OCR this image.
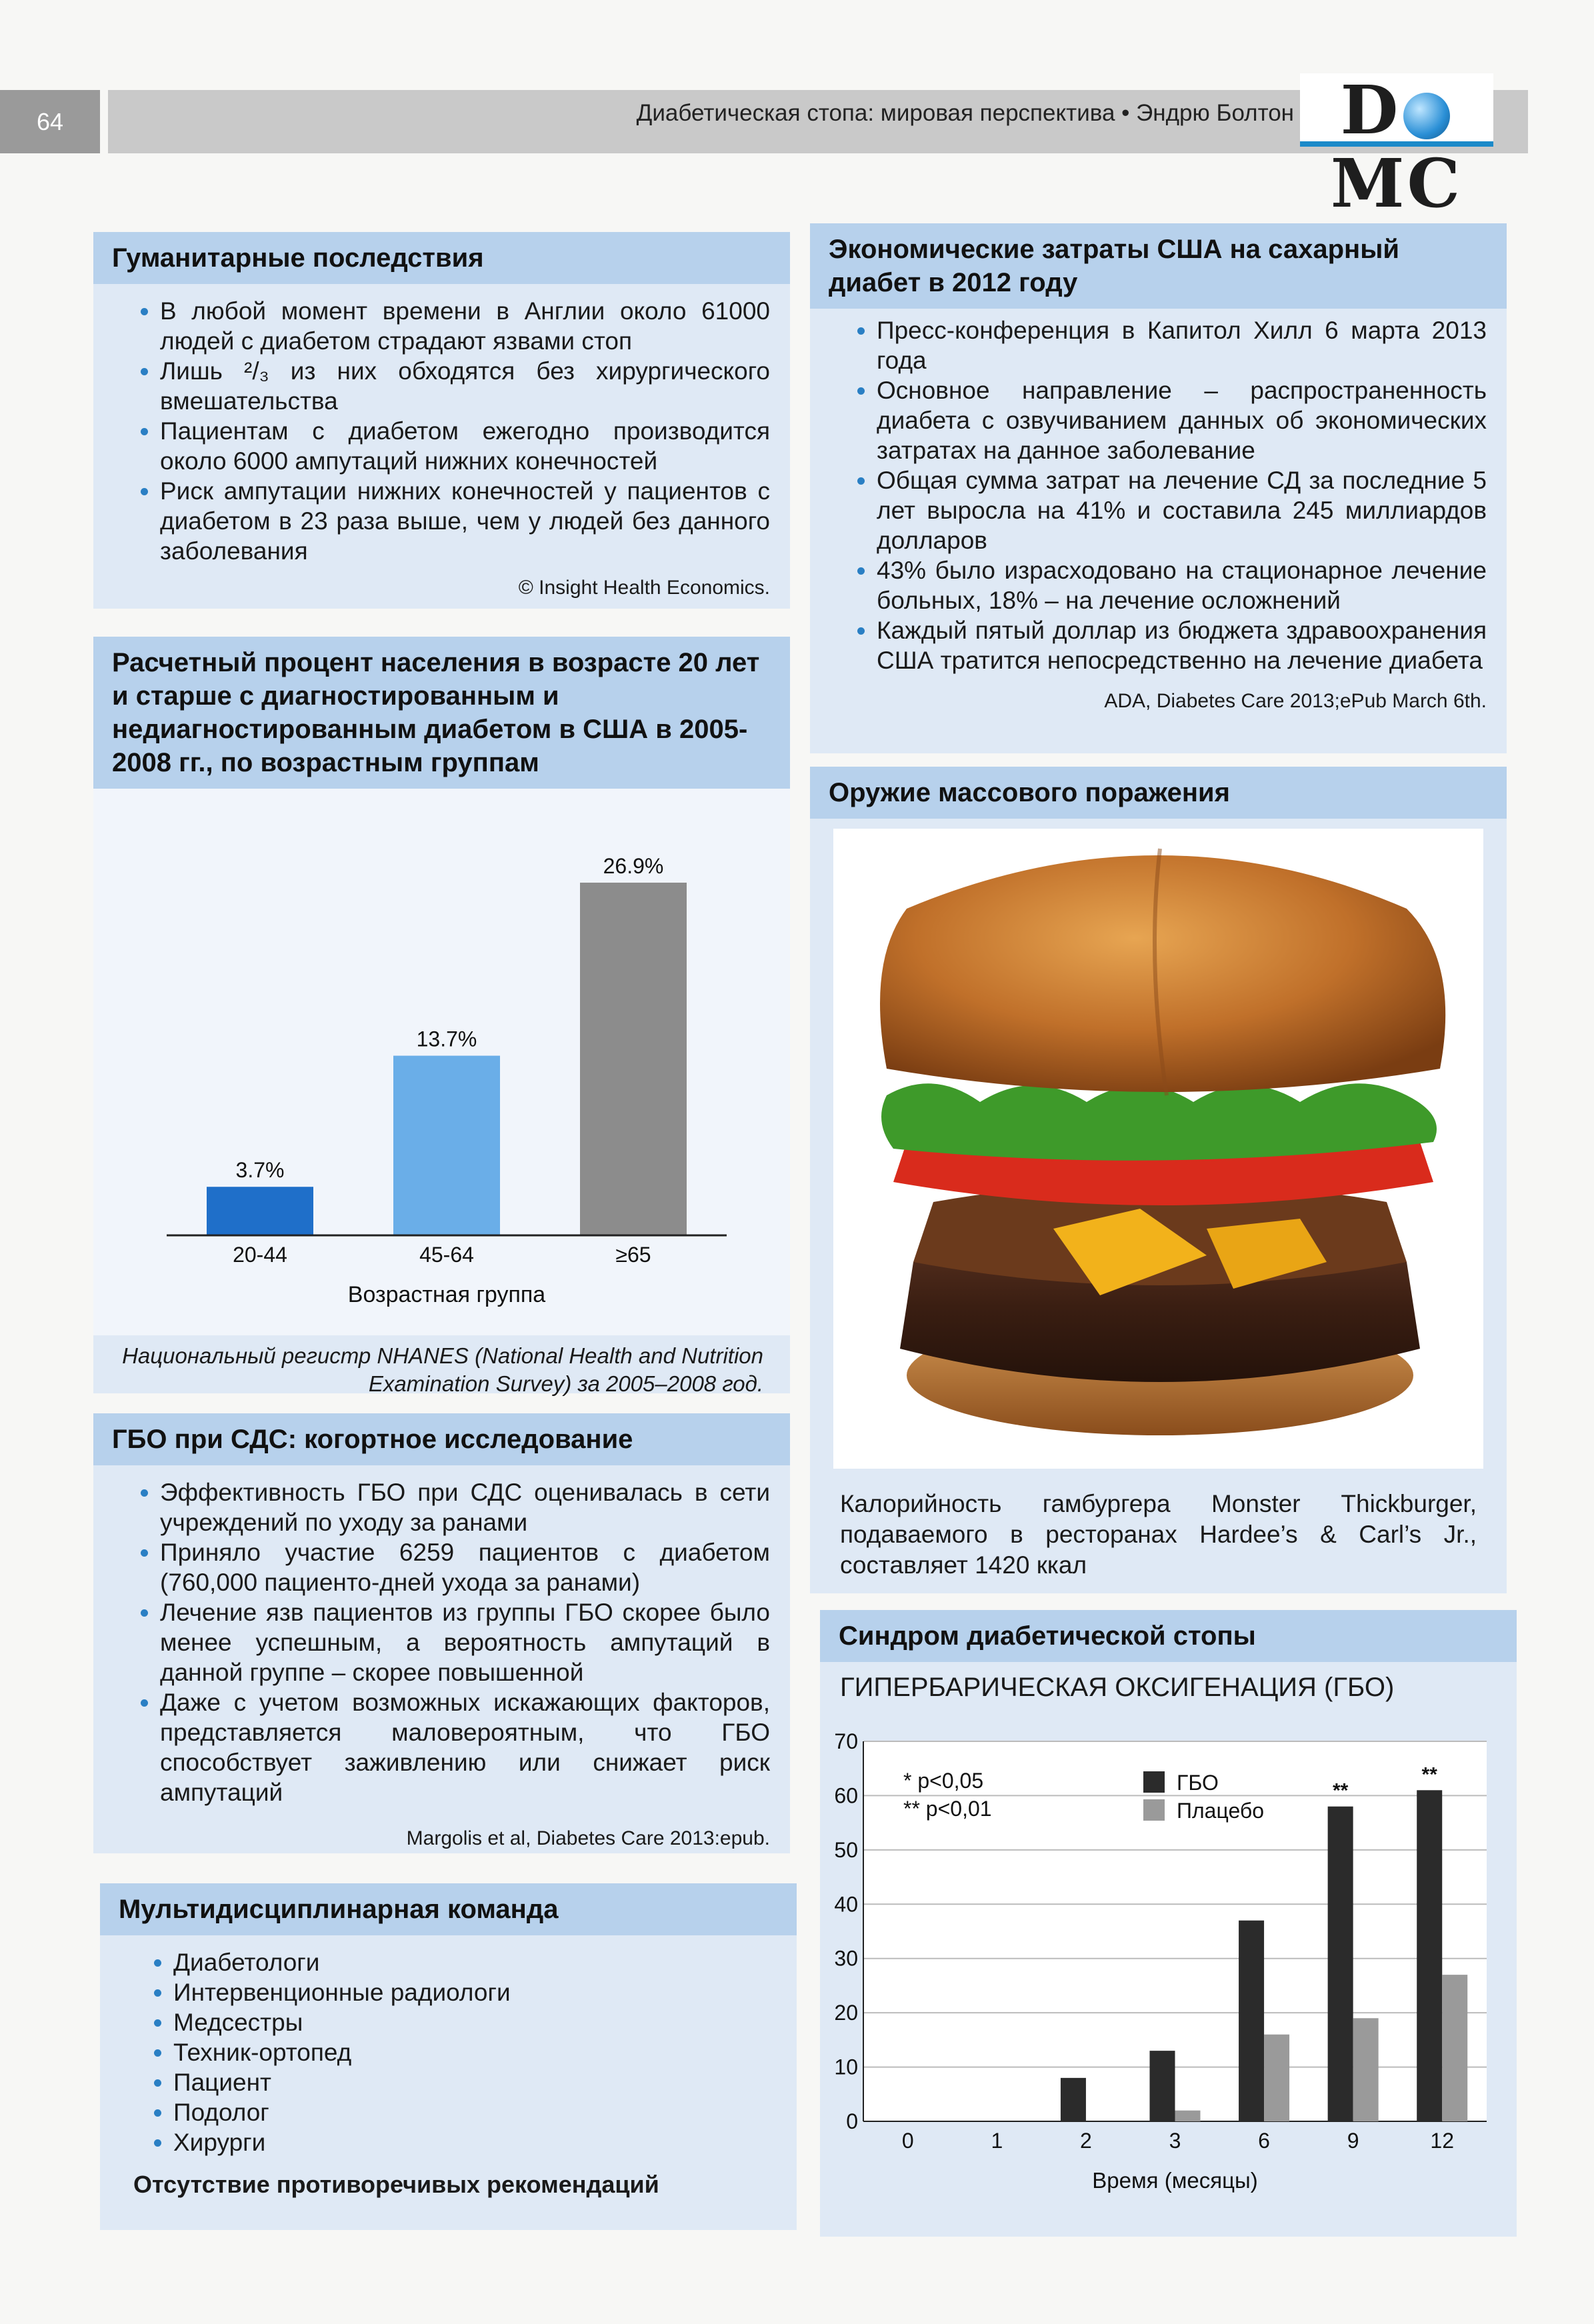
64	Диабетическая стопа: мировая перспектива • Эндрю Болтон DMC
Гуманитарные последствия
• В любой момент времени в Англии около 61000 людей с диабетом страдают язвами стоп
• Лишь ²/₃ из них обходятся без хирургического вмешательства
• Пациентам с диабетом ежегодно производится около 6000 ампутаций нижних конечностей
• Риск ампутации нижних конечностей у пациентов с диабетом в 23 раза выше, чем у людей без данного заболевания
© Insight Health Economics.
Расчетный процент населения в возрасте 20 лет и старше с диагностированным и недиагностированным диабетом в США в 2005-2008 гг., по возрастным группам
3.7%
20-44
13.7%
45-64
26.9%
≥65
Возрастная группа
Национальный регистр NHANES (National Health and Nutrition Examination Survey) за 2005–2008 год.
ГБО при СДС: когортное исследование
• Эффективность ГБО при СДС оценивалась в сети учреждений по уходу за ранами
• Приняло участие 6259 пациентов с диабетом (760,000 пациенто-дней ухода за ранами)
• Лечение язв пациентов из группы ГБО скорее было менее успешным, а вероятность ампутаций в данной группе – скорее повышенной
• Даже с учетом возможных искажающих факторов, представляется маловероятным, что ГБО способствует заживлению или снижает риск ампутаций
Margolis et al, Diabetes Care 2013:epub.
Мультидисциплинарная команда
• Диабетологи
• Интервенционные радиологи
• Медсестры
• Техник-ортопед
• Пациент
• Подолог
• Хирурги
Отсутствие противоречивых рекомендаций
Экономические затраты США на сахарный диабет в 2012 году
• Пресс-конференция в Капитол Хилл 6 марта 2013 года
• Основное направление – распространенность диабета с озвучиванием данных об экономических затратах на данное заболевание
• Общая сумма затрат на лечение СД за последние 5 лет выросла на 41% и составила 245 миллиардов долларов
• 43% было израсходовано на стационарное лечение больных, 18% – на лечение осложнений
• Каждый пятый доллар из бюджета здравоохранения США тратится непосредственно на лечение диабета
ADA, Diabetes Care 2013;ePub March 6th.
Оружие массового поражения
Калорийность гамбургера Monster Thickburger, подаваемого в ресторанах Hardee’s & Carl’s Jr., составляет 1420 ккал
Синдром диабетической стопы
ГИПЕРБАРИЧЕСКАЯ ОКСИГЕНАЦИЯ (ГБО)
0
10
20
30
40
50
60
70
0	1	2	3	6	9
**
12
**
Время (месяцы)
* p<0,05
** p<0,01
ГБО
Плацебо
